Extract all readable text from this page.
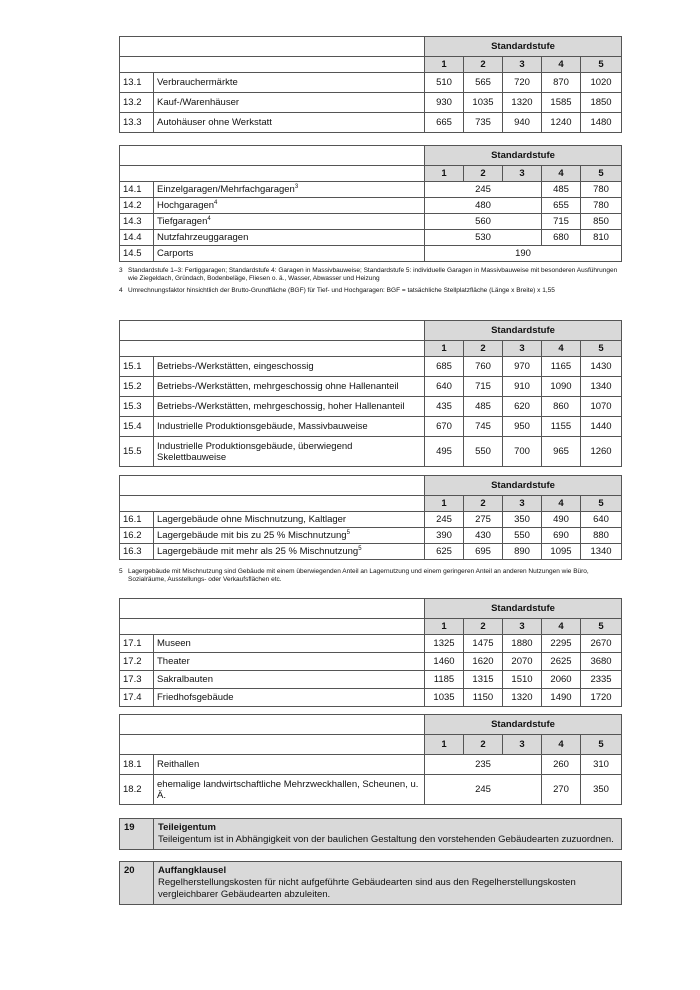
		Standardstufe				
		1	2	3	4	5
13.1	Verbrauchermärkte	510	565	720	870	1020
13.2	Kauf-/Warenhäuser	930	1035	1320	1585	1850
13.3	Autohäuser ohne Werkstatt	665	735	940	1240	1480
		Standardstufe				
		1	2	3	4	5
14.1	Einzelgaragen/Mehrfachgaragen$^3$	245			485	780
14.2	Hochgaragen$^4$	480			655	780
14.3	Tiefgaragen$^4$	560			715	850
14.4	Nutzfahrzeuggaragen	530			680	810
14.5	Carports	190				
3 Standardstufe 1–3: Fertiggaragen; Standardstufe 4: Garagen in Massivbauweise; Standardstufe 5: individuelle Garagen in Massivbauweise mit besonderen Ausführungen wie Ziegeldach, Gründach, Bodenbeläge, Fliesen o. ä., Wasser, Abwasser und Heizung
4 Umrechnungsfaktor hinsichtlich der Brutto-Grundfläche (BGF) für Tief- und Hochgaragen: BGF = tatsächliche Stellplatzfläche (Länge x Breite) x 1,55
		Standardstufe				
		1	2	3	4	5
15.1	Betriebs-/Werkstätten, eingeschossig	685	760	970	1165	1430
15.2	Betriebs-/Werkstätten, mehrgeschossig ohne Hallenanteil	640	715	910	1090	1340
15.3	Betriebs-/Werkstätten, mehrgeschossig, hoher Hallenanteil	435	485	620	860	1070
15.4	Industrielle Produktionsgebäude, Massivbauweise	670	745	950	1155	1440
15.5	Industrielle Produktionsgebäude, überwiegend Skelettbauweise	495	550	700	965	1260
		Standardstufe				
		1	2	3	4	5
16.1	Lagergebäude ohne Mischnutzung, Kaltlager	245	275	350	490	640
16.2	Lagergebäude mit bis zu 25 % Mischnutzung$^5$	390	430	550	690	880
16.3	Lagergebäude mit mehr als 25 % Mischnutzung$^5$	625	695	890	1095	1340
5 Lagergebäude mit Mischnutzung sind Gebäude mit einem überwiegenden Anteil an Lagernutzung und einem geringeren Anteil an anderen Nutzungen wie Büro, Sozialräume, Ausstellungs- oder Verkaufsflächen etc.
		Standardstufe				
		1	2	3	4	5
17.1	Museen	1325	1475	1880	2295	2670
17.2	Theater	1460	1620	2070	2625	3680
17.3	Sakralbauten	1185	1315	1510	2060	2335
17.4	Friedhofsgebäude	1035	1150	1320	1490	1720
		Standardstufe				
		1	2	3	4	5
18.1	Reithallen	235			260	310
18.2	ehemalige landwirtschaftliche Mehrzweckhallen, Scheunen, u. Ä.	245			270	350
19	Teileigentum
Teileigentum ist in Abhängigkeit von der baulichen Gestaltung den vorstehenden Gebäudearten zuzuordnen.
20	Auffangklausel
Regelherstellungskosten für nicht aufgeführte Gebäudearten sind aus den Regelherstellungskosten vergleichbarer Gebäudearten abzuleiten.
